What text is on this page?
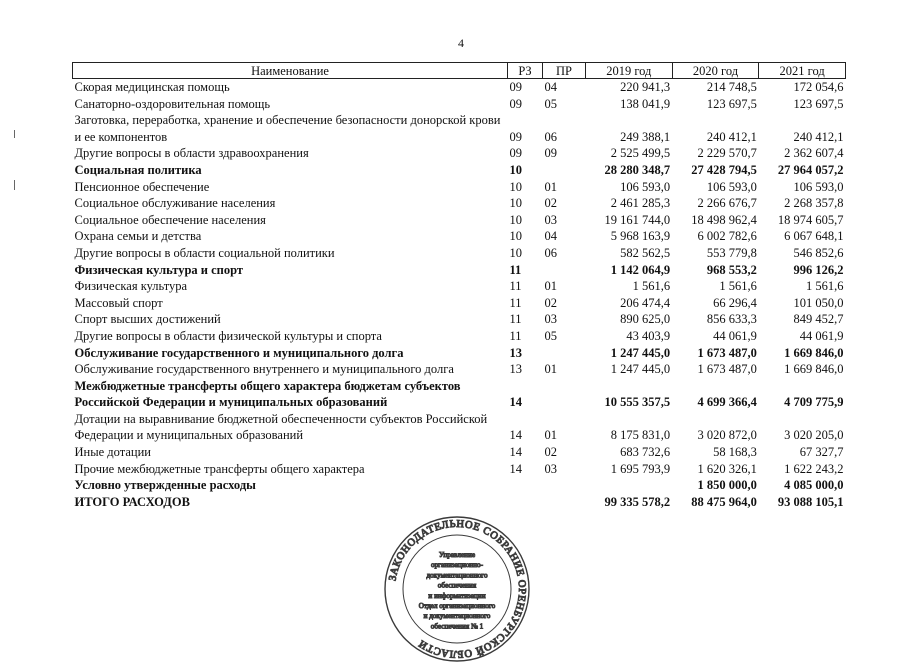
4
Наименование	РЗ	ПР	2019 год	2020 год	2021 год
Скорая медицинская помощь	09	04	220 941,3	214 748,5	172 054,6
Санаторно-оздоровительная помощь	09	05	138 041,9	123 697,5	123 697,5
Заготовка, переработка, хранение и обеспечение безопасности донорской крови и ее компонентов	09	06	249 388,1	240 412,1	240 412,1
Другие вопросы в области здравоохранения	09	09	2 525 499,5	2 229 570,7	2 362 607,4
Социальная политика	10		28 280 348,7	27 428 794,5	27 964 057,2
Пенсионное обеспечение	10	01	106 593,0	106 593,0	106 593,0
Социальное обслуживание населения	10	02	2 461 285,3	2 266 676,7	2 268 357,8
Социальное обеспечение населения	10	03	19 161 744,0	18 498 962,4	18 974 605,7
Охрана семьи и детства	10	04	5 968 163,9	6 002 782,6	6 067 648,1
Другие вопросы в области социальной политики	10	06	582 562,5	553 779,8	546 852,6
Физическая культура и спорт	11		1 142 064,9	968 553,2	996 126,2
Физическая культура	11	01	1 561,6	1 561,6	1 561,6
Массовый спорт	11	02	206 474,4	66 296,4	101 050,0
Спорт высших достижений	11	03	890 625,0	856 633,3	849 452,7
Другие вопросы в области физической культуры и спорта	11	05	43 403,9	44 061,9	44 061,9
Обслуживание государственного и муниципального долга	13		1 247 445,0	1 673 487,0	1 669 846,0
Обслуживание государственного внутреннего и муниципального долга	13	01	1 247 445,0	1 673 487,0	1 669 846,0
Межбюджетные трансферты общего характера бюджетам субъектов Российской Федерации и муниципальных образований	14		10 555 357,5	4 699 366,4	4 709 775,9
Дотации на выравнивание бюджетной обеспеченности субъектов Российской Федерации и муниципальных образований	14	01	8 175 831,0	3 020 872,0	3 020 205,0
Иные дотации	14	02	683 732,6	58 168,3	67 327,7
Прочие межбюджетные трансферты общего характера	14	03	1 695 793,9	1 620 326,1	1 622 243,2
Условно утвержденные расходы				1 850 000,0	4 085 000,0
ИТОГО РАСХОДОВ			99 335 578,2	88 475 964,0	93 088 105,1
ЗАКОНОДАТЕЛЬНОЕ СОБРАНИЕ ОРЕНБУРГСКОЙ ОБЛАСТИ
Управление
организационно-
документационного
обеспечения
и информатизации
Отдел организационного
и документационного
обеспечения № 1
